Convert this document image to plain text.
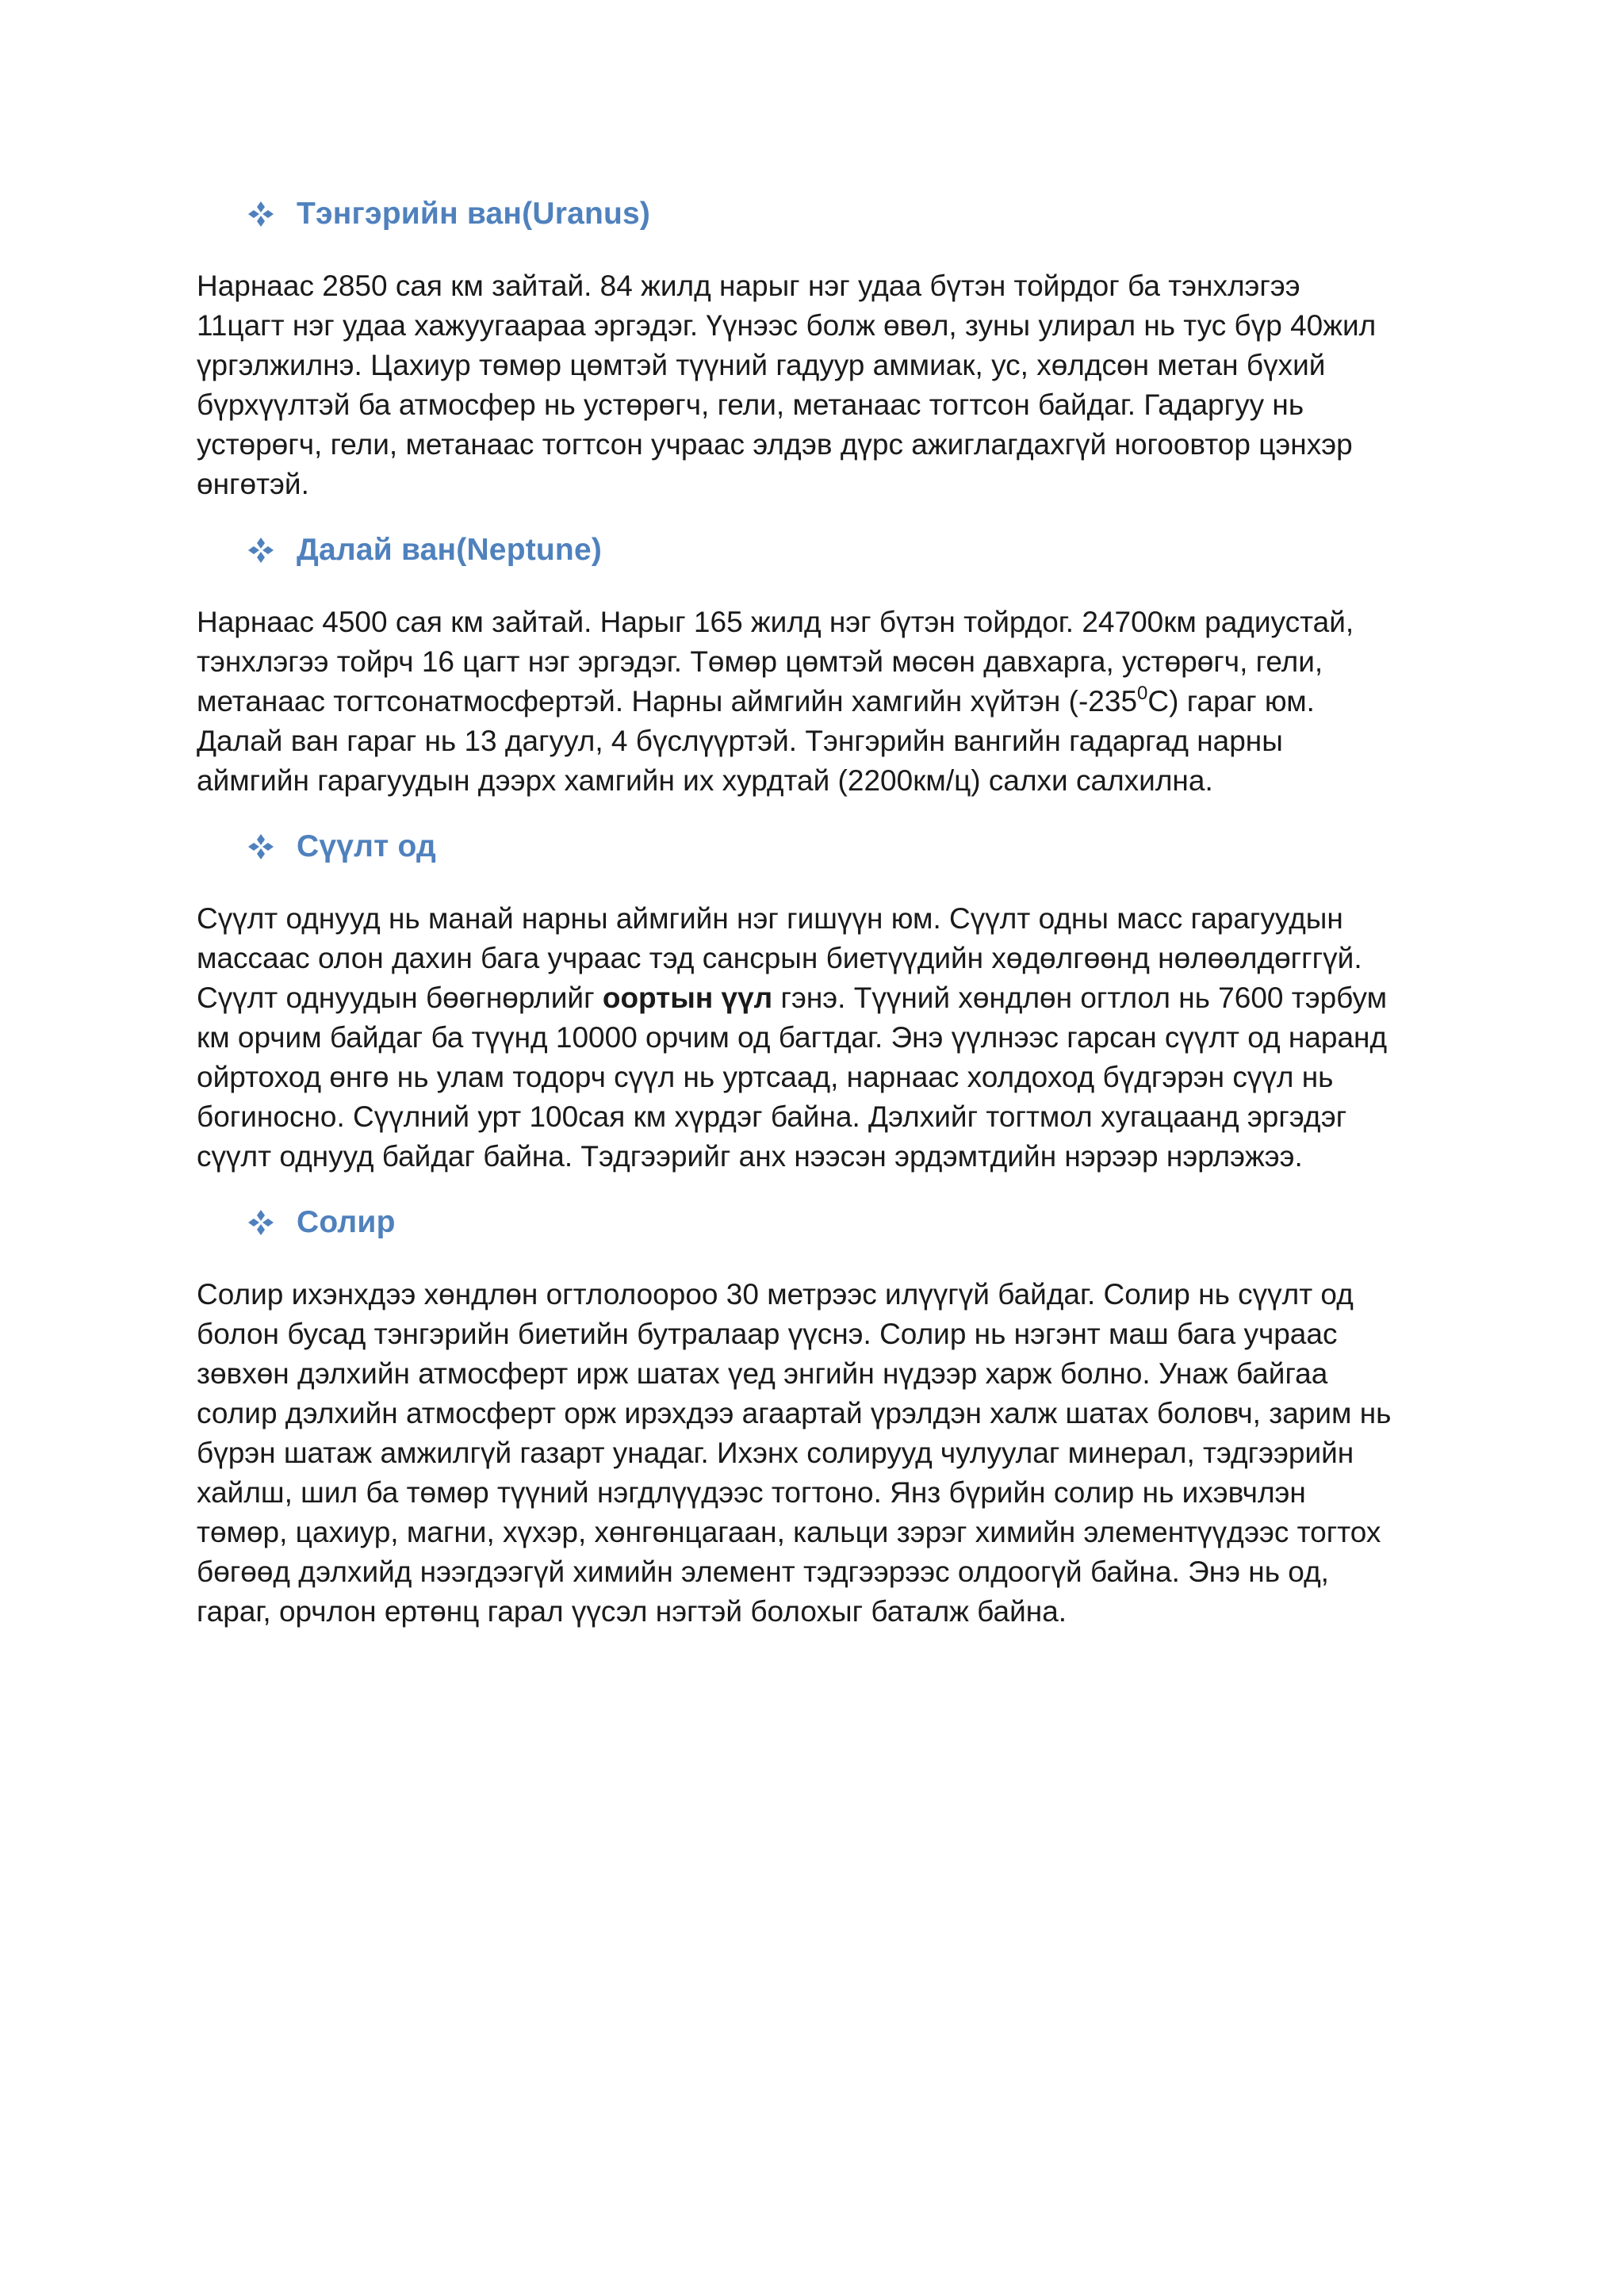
Тэнгэрийн ван(Uranus)

Нарнаас 2850 сая км зайтай. 84 жилд нарыг нэг удаа бүтэн тойрдог ба тэнхлэгээ
11цагт нэг удаа хажуугаараа эргэдэг. Үүнээс болж өвөл, зуны улирал нь тус бүр 40жил
үргэлжилнэ. Цахиур төмөр цөмтэй түүний гадуур аммиак, ус, хөлдсөн метан бүхий
бүрхүүлтэй ба атмосфер нь устөрөгч, гели, метанаас тогтсон байдаг. Гадаргуу нь
устөрөгч, гели, метанаас тогтсон учраас элдэв дүрс ажиглагдахгүй ногоовтор цэнхэр
өнгөтэй.

Далай ван(Neptune)

Нарнаас 4500 сая км зайтай. Нарыг 165 жилд нэг бүтэн тойрдог. 24700км радиустай,
тэнхлэгээ тойрч 16 цагт нэг эргэдэг. Төмөр цөмтэй мөсөн давхарга, устөрөгч, гели,
метанаас тогтсонатмосфертэй. Нарны аймгийн хамгийн хүйтэн $(-235^0С)$ гараг юм.
Далай ван гараг нь 13 дагуул, 4 бүслүүртэй. Тэнгэрийн вангийн гадаргад нарны
аймгийн гарагуудын дээрх хамгийн их хурдтай (2200км/ц) салхи салхилна.

Сүүлт од

Сүүлт однууд нь манай нарны аймгийн нэг гишүүн юм. Сүүлт одны масс гарагуудын
массаас олон дахин бага учраас тэд сансрын биетүүдийн хөдөлгөөнд нөлөөлдөгггүй.
Сүүлт однуудын бөөгнөрлийг оортын үүл гэнэ. Түүний хөндлөн огтлол нь 7600 тэрбум
км орчим байдаг ба түүнд 10000 орчим од багтдаг. Энэ үүлнээс гарсан сүүлт од наранд
ойртоход өнгө нь улам тодорч сүүл нь уртсаад, нарнаас холдоход бүдгэрэн сүүл нь
богиносно. Сүүлний урт 100сая км хүрдэг байна. Дэлхийг тогтмол хугацаанд эргэдэг
сүүлт однууд байдаг байна. Тэдгээрийг анх нээсэн эрдэмтдийн нэрээр нэрлэжээ.

Солир

Солир ихэнхдээ хөндлөн огтлолоороо 30 метрээс илүүгүй байдаг. Солир нь сүүлт од
болон бусад тэнгэрийн биетийн бутралаар үүснэ. Солир нь нэгэнт маш бага учраас
зөвхөн дэлхийн атмосферт ирж шатах үед энгийн нүдээр харж болно. Унаж байгаа
солир дэлхийн атмосферт орж ирэхдээ агаартай үрэлдэн халж шатах боловч, зарим нь
бүрэн шатаж амжилгүй газарт унадаг. Ихэнх солирууд чулуулаг минерал, тэдгээрийн
хайлш, шил ба төмөр түүний нэгдлүүдээс тогтоно. Янз бүрийн солир нь ихэвчлэн
төмөр, цахиур, магни, хүхэр, хөнгөнцагаан, кальци зэрэг химийн элементүүдээс тогтох
бөгөөд дэлхийд нээгдээгүй химийн элемент тэдгээрээс олдоогүй байна. Энэ нь од,
гараг, орчлон ертөнц гарал үүсэл нэгтэй болохыг баталж байна.
